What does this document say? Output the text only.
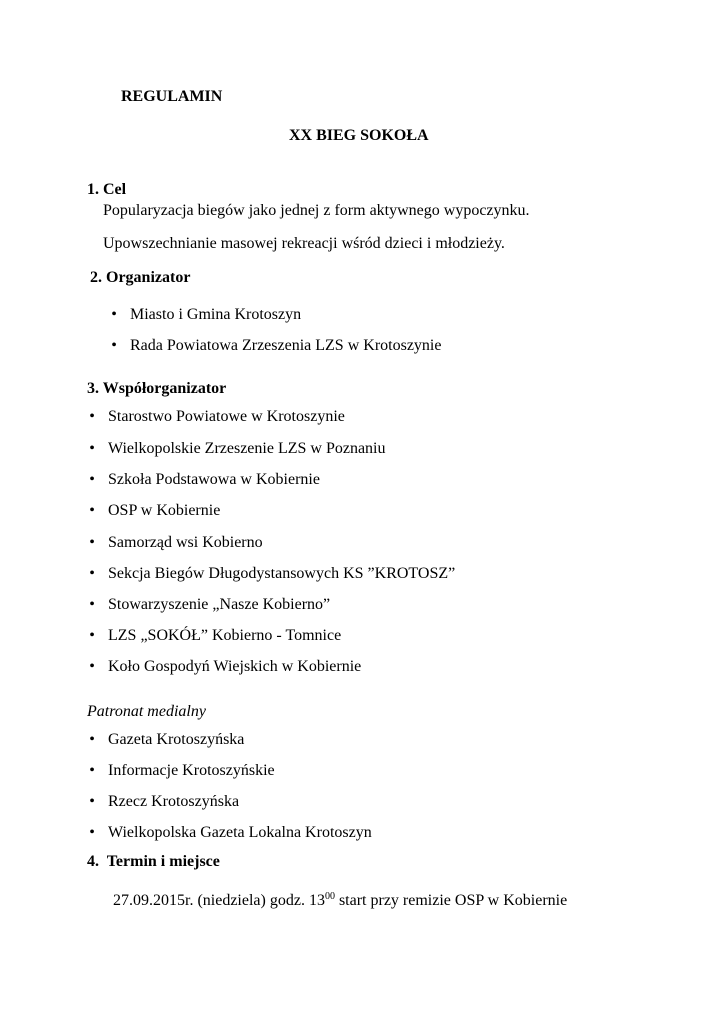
REGULAMIN
XX BIEG SOKOŁA
1. Cel
Popularyzacja biegów jako jednej z form aktywnego wypoczynku.
Upowszechnianie masowej rekreacji wśród dzieci i młodzieży.
2. Organizator
• Miasto i Gmina Krotoszyn
• Rada Powiatowa Zrzeszenia LZS w Krotoszynie
3. Współorganizator
• Starostwo Powiatowe w Krotoszynie
• Wielkopolskie Zrzeszenie LZS w Poznaniu
• Szkoła Podstawowa w Kobiernie
• OSP w Kobiernie
• Samorząd wsi Kobierno
• Sekcja Biegów Długodystansowych KS ”KROTOSZ”
• Stowarzyszenie „Nasze Kobierno”
• LZS „SOKÓŁ” Kobierno - Tomnice
• Koło Gospodyń Wiejskich w Kobiernie
Patronat medialny
• Gazeta Krotoszyńska
• Informacje Krotoszyńskie
• Rzecz Krotoszyńska
• Wielkopolska Gazeta Lokalna Krotoszyn
4.  Termin i miejsce
27.09.2015r. (niedziela) godz. $13^{00}$ start przy remizie OSP w Kobiernie
